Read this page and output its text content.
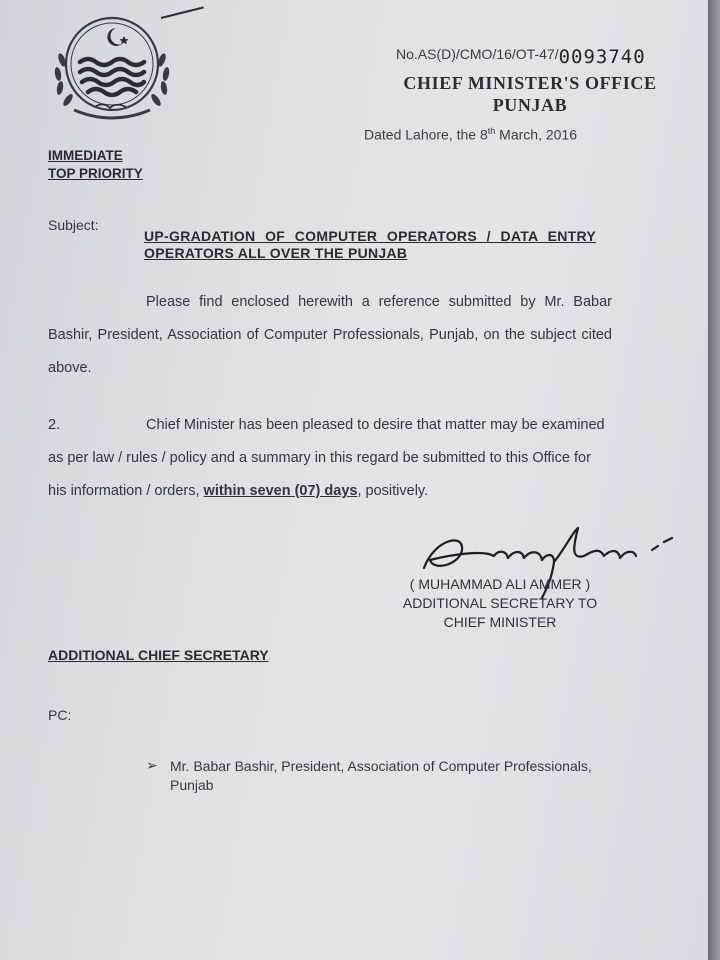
No.AS(D)/CMO/16/OT-47/0093740
CHIEF MINISTER'S OFFICE
PUNJAB
Dated Lahore, the 8th March, 2016
IMMEDIATE
TOP PRIORITY
Subject:
UP-GRADATION OF COMPUTER OPERATORS / DATA ENTRY OPERATORS ALL OVER THE PUNJAB
Please find enclosed herewith a reference submitted by Mr. Babar Bashir, President, Association of Computer Professionals, Punjab, on the subject cited above.
2.	Chief Minister has been pleased to desire that matter may be examined as per law / rules / policy and a summary in this regard be submitted to this Office for his information / orders, within seven (07) days, positively.
( MUHAMMAD ALI AMMER )
ADDITIONAL SECRETARY TO
CHIEF MINISTER
ADDITIONAL CHIEF SECRETARY
PC:
➢ Mr. Babar Bashir, President, Association of Computer Professionals, Punjab
